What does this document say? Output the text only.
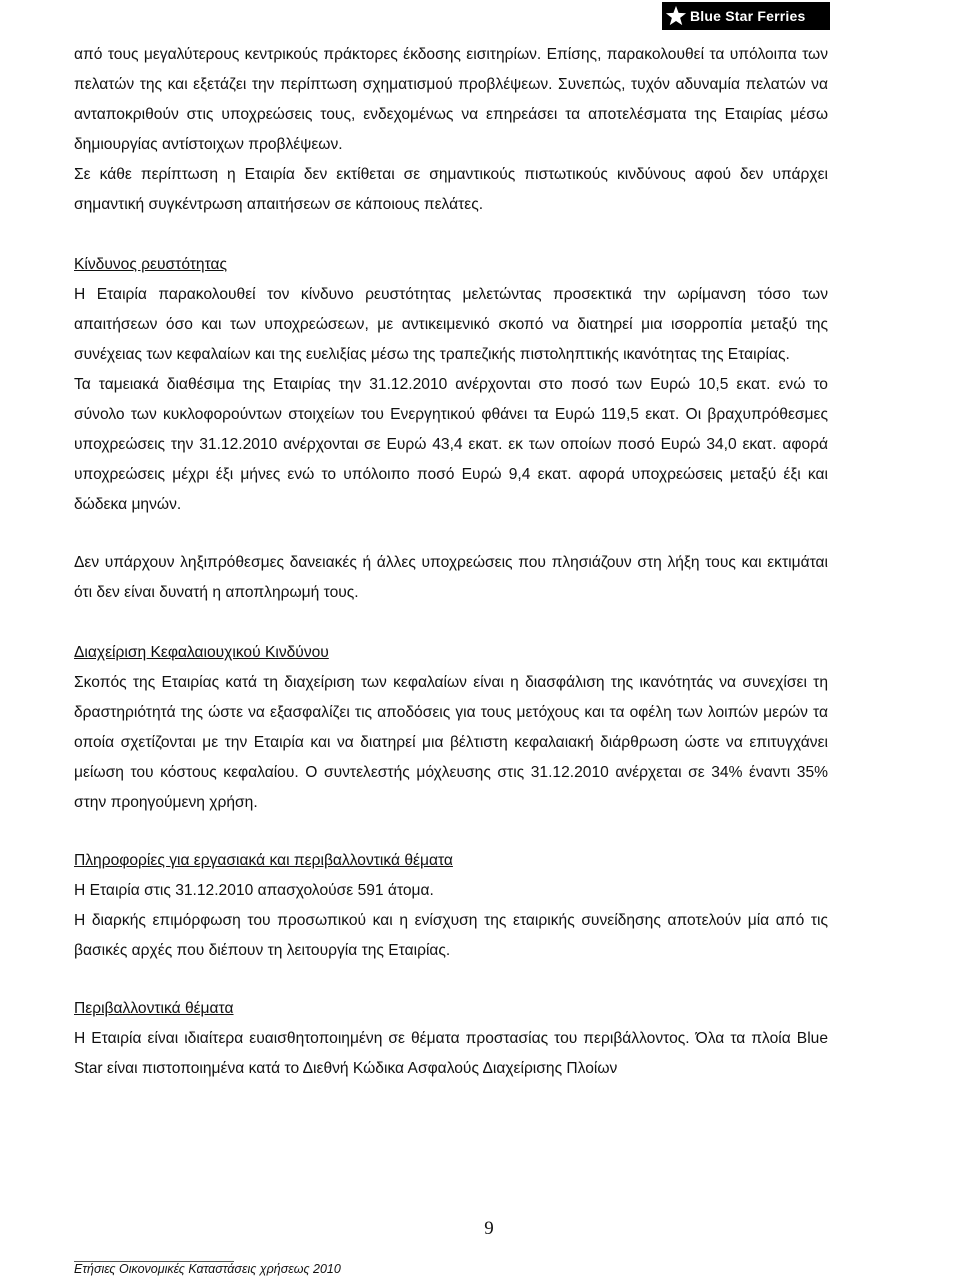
Blue Star Ferries

από τους μεγαλύτερους κεντρικούς πράκτορες έκδοσης εισιτηρίων. Επίσης, παρακολουθεί τα υπόλοιπα των πελατών της και εξετάζει την περίπτωση σχηματισμού προβλέψεων. Συνεπώς, τυχόν αδυναμία πελατών να ανταποκριθούν στις υποχρεώσεις τους, ενδεχομένως να επηρεάσει τα αποτελέσματα της Εταιρίας μέσω δημιουργίας αντίστοιχων προβλέψεων.

Σε κάθε περίπτωση η Εταιρία δεν εκτίθεται σε σημαντικούς πιστωτικούς κινδύνους αφού δεν υπάρχει σημαντική συγκέντρωση απαιτήσεων σε κάποιους πελάτες.

Κίνδυνος ρευστότητας

Η Εταιρία παρακολουθεί τον κίνδυνο ρευστότητας μελετώντας προσεκτικά την ωρίμανση τόσο των απαιτήσεων όσο και των υποχρεώσεων, με αντικειμενικό σκοπό να διατηρεί μια ισορροπία μεταξύ της συνέχειας των κεφαλαίων και της ευελιξίας μέσω της τραπεζικής πιστοληπτικής ικανότητας της Εταιρίας.

Τα ταμειακά διαθέσιμα της Εταιρίας την 31.12.2010 ανέρχονται στο ποσό των Ευρώ 10,5 εκατ. ενώ το σύνολο των κυκλοφορούντων στοιχείων του Ενεργητικού φθάνει τα Ευρώ 119,5 εκατ. Οι βραχυπρόθεσμες υποχρεώσεις την 31.12.2010 ανέρχονται σε Ευρώ 43,4 εκατ. εκ των οποίων ποσό Ευρώ 34,0 εκατ. αφορά υποχρεώσεις μέχρι έξι μήνες ενώ το υπόλοιπο ποσό Ευρώ 9,4 εκατ. αφορά υποχρεώσεις μεταξύ έξι και δώδεκα μηνών.

Δεν υπάρχουν ληξιπρόθεσμες δανειακές ή άλλες υποχρεώσεις που πλησιάζουν στη λήξη τους και εκτιμάται ότι δεν είναι δυνατή η αποπληρωμή τους.

Διαχείριση Κεφαλαιουχικού Κινδύνου

Σκοπός της Εταιρίας κατά τη διαχείριση των κεφαλαίων είναι η διασφάλιση της ικανότητάς να συνεχίσει τη δραστηριότητά της ώστε να εξασφαλίζει τις αποδόσεις για τους μετόχους και τα οφέλη των λοιπών μερών τα οποία σχετίζονται με την Εταιρία και να διατηρεί μια βέλτιστη κεφαλαιακή διάρθρωση ώστε να επιτυγχάνει μείωση του κόστους κεφαλαίου. Ο συντελεστής μόχλευσης στις 31.12.2010 ανέρχεται σε 34% έναντι 35% στην προηγούμενη χρήση.

Πληροφορίες για εργασιακά και περιβαλλοντικά θέματα

Η Εταιρία στις 31.12.2010 απασχολούσε 591 άτομα.

Η διαρκής επιμόρφωση του προσωπικού και η ενίσχυση της εταιρικής συνείδησης αποτελούν μία από τις βασικές αρχές που διέπουν τη λειτουργία της Εταιρίας.

Περιβαλλοντικά θέματα

Η Εταιρία είναι ιδιαίτερα ευαισθητοποιημένη σε θέματα προστασίας του περιβάλλοντος. Όλα τα πλοία Blue Star είναι πιστοποιημένα κατά το Διεθνή Κώδικα Ασφαλούς Διαχείρισης Πλοίων

9
Ετήσιες Οικονομικές Καταστάσεις χρήσεως 2010
